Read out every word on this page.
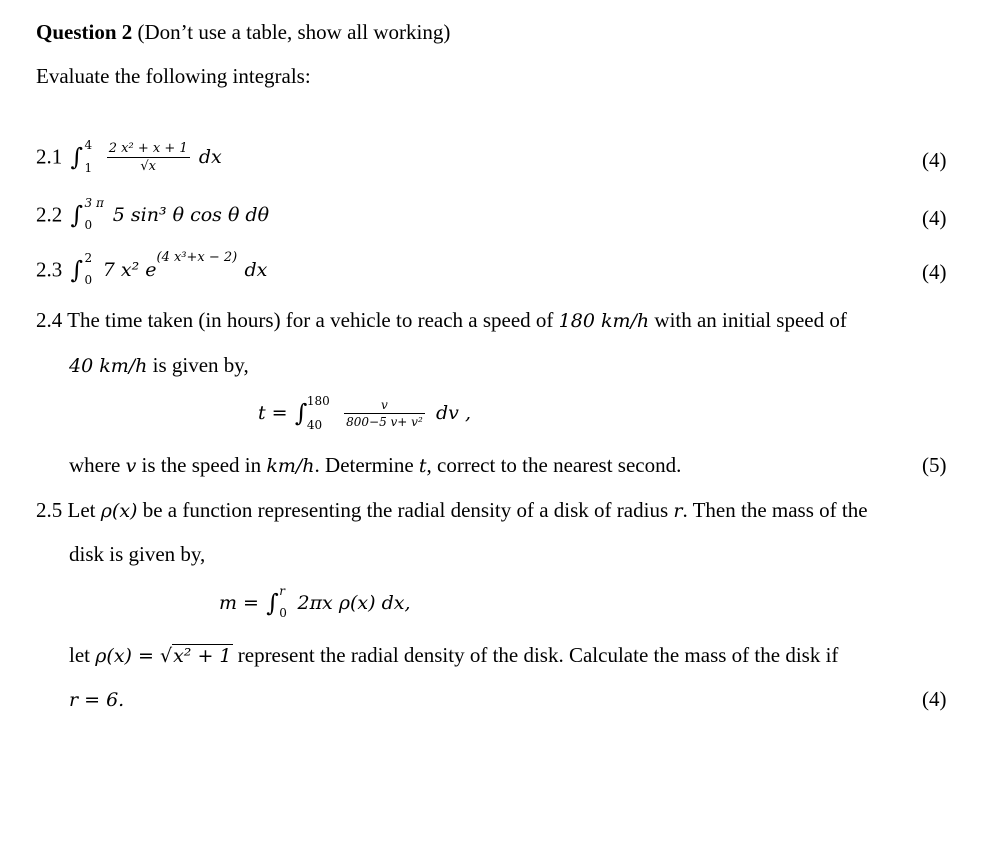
Question 2 (Don’t use a table, show all working)
Evaluate the following integrals:
2.1 ∫ 4
1
$\frac{\text{2 x² + x + 1}}{√x}$ dx	(4)
2.2 ∫ 3 π
0 5 sin³ θ cos θ dθ	(4)
2.3 ∫ 2
0 7 x² $e^{(4 x^3+x - 2)}$ dx	(4)
2.4 The time taken (in hours) for a vehicle to reach a speed of 180 km/h with an initial speed of
40 km/h is given by,
t = ∫ 180
40
$\frac{v}{\text{800−5 v+ v²}}$ dv ,
where v is the speed in km/h. Determine t, correct to the nearest second.	(5)
2.5 Let ρ(x) be a function representing the radial density of a disk of radius r. Then the mass of the
disk is given by,
m = ∫ r
0 2πx ρ(x) dx,
let ρ(x) = √x² + 1 represent the radial density of the disk. Calculate the mass of the disk if
r = 6.	(4)
